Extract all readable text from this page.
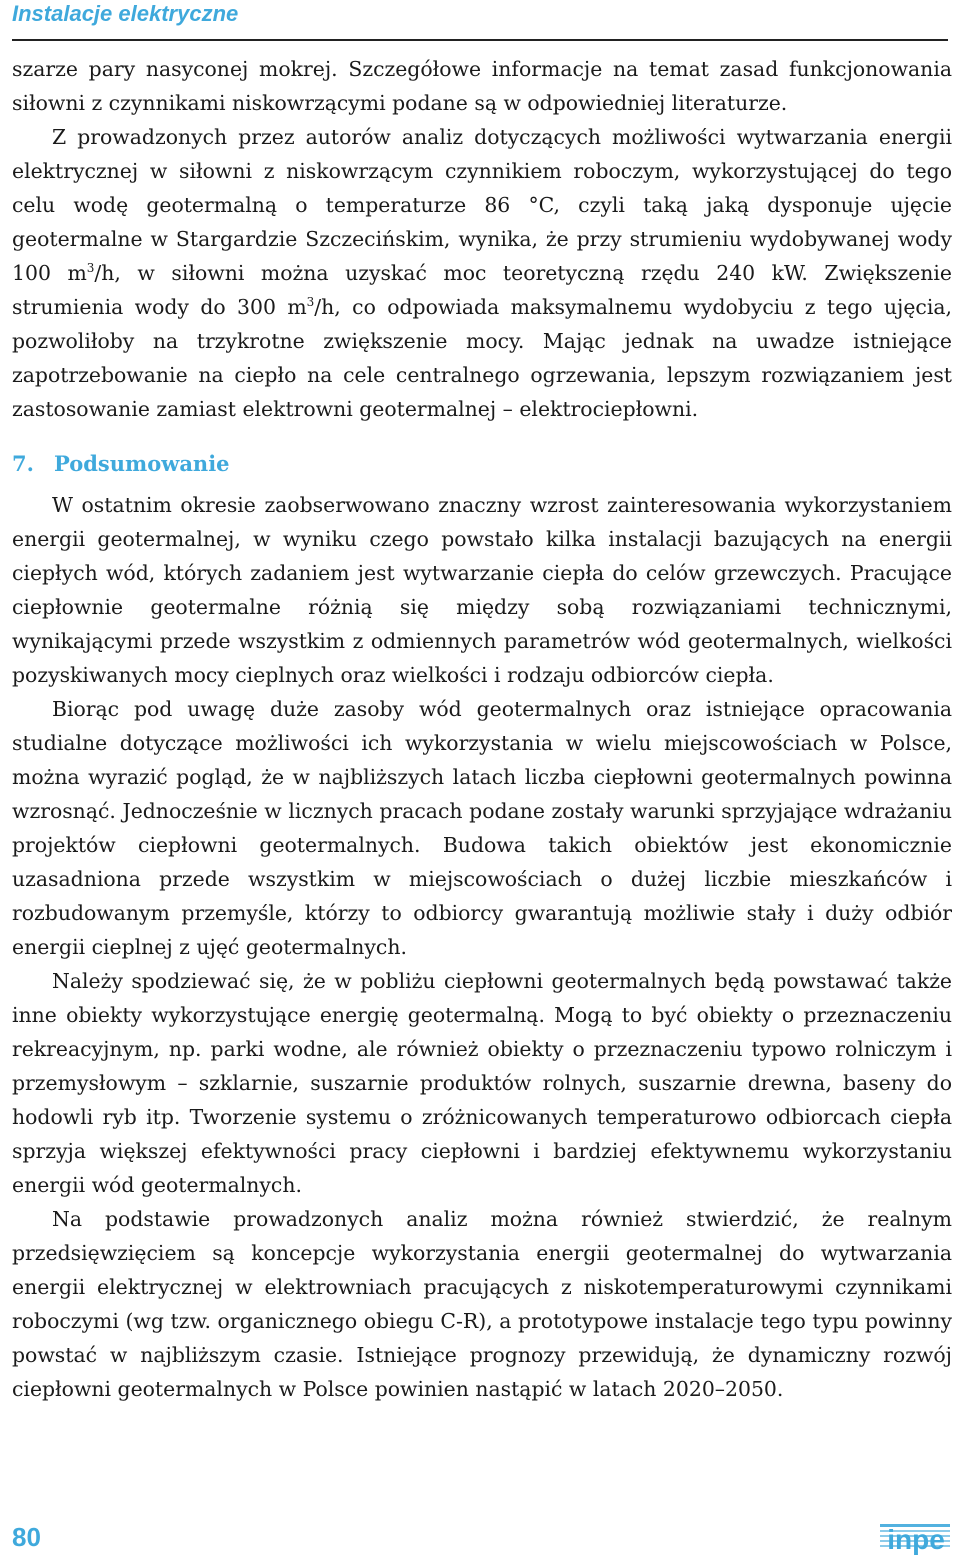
Instalacje elektryczne

szarze pary nasyconej mokrej. Szczegółowe informacje na temat zasad funkcjonowania siłowni z czynnikami niskowrzącymi podane są w odpowiedniej literaturze.

Z prowadzonych przez autorów analiz dotyczących możliwości wytwarzania energii elektrycznej w siłowni z niskowrzącym czynnikiem roboczym, wykorzystującej do tego celu wodę geotermalną o temperaturze 86 °C, czyli taką jaką dysponuje ujęcie geotermalne w Stargardzie Szczecińskim, wynika, że przy strumieniu wydobywanej wody 100 $m^3/h$, w siłowni można uzyskać moc teoretyczną rzędu 240 kW. Zwiększenie strumienia wody do 300 $m^3/h$, co odpowiada maksymalnemu wydobyciu z tego ujęcia, pozwoliłoby na trzykrotne zwiększenie mocy. Mając jednak na uwadze istniejące zapotrzebowanie na ciepło na cele centralnego ogrzewania, lepszym rozwiązaniem jest zastosowanie zamiast elektrowni geotermalnej – elektrociepłowni.

7. Podsumowanie

W ostatnim okresie zaobserwowano znaczny wzrost zainteresowania wykorzystaniem energii geotermalnej, w wyniku czego powstało kilka instalacji bazujących na energii ciepłych wód, których zadaniem jest wytwarzanie ciepła do celów grzewczych. Pracujące ciepłownie geotermalne różnią się między sobą rozwiązaniami technicznymi, wynikającymi przede wszystkim z odmiennych parametrów wód geotermalnych, wielkości pozyskiwanych mocy cieplnych oraz wielkości i rodzaju odbiorców ciepła.

Biorąc pod uwagę duże zasoby wód geotermalnych oraz istniejące opracowania studialne dotyczące możliwości ich wykorzystania w wielu miejscowościach w Polsce, można wyrazić pogląd, że w najbliższych latach liczba ciepłowni geotermalnych powinna wzrosnąć. Jednocześnie w licznych pracach podane zostały warunki sprzyjające wdrażaniu projektów ciepłowni geotermalnych. Budowa takich obiektów jest ekonomicznie uzasadniona przede wszystkim w miejscowościach o dużej liczbie mieszkańców i rozbudowanym przemyśle, którzy to odbiorcy gwarantują możliwie stały i duży odbiór energii cieplnej z ujęć geotermalnych.

Należy spodziewać się, że w pobliżu ciepłowni geotermalnych będą powstawać także inne obiekty wykorzystujące energię geotermalną. Mogą to być obiekty o przeznaczeniu rekreacyjnym, np. parki wodne, ale również obiekty o przeznaczeniu typowo rolniczym i przemysłowym – szklarnie, suszarnie produktów rolnych, suszarnie drewna, baseny do hodowli ryb itp. Tworzenie systemu o zróżnicowanych temperaturowo odbiorcach ciepła sprzyja większej efektywności pracy ciepłowni i bardziej efektywnemu wykorzystaniu energii wód geotermalnych.

Na podstawie prowadzonych analiz można również stwierdzić, że realnym przedsięwzięciem są koncepcje wykorzystania energii geotermalnej do wytwarzania energii elektrycznej w elektrowniach pracujących z niskotemperaturowymi czynnikami roboczymi (wg tzw. organicznego obiegu C-R), a prototypowe instalacje tego typu powinny powstać w najbliższym czasie. Istniejące prognozy przewidują, że dynamiczny rozwój ciepłowni geotermalnych w Polsce powinien nastąpić w latach 2020–2050.

80	inpe
